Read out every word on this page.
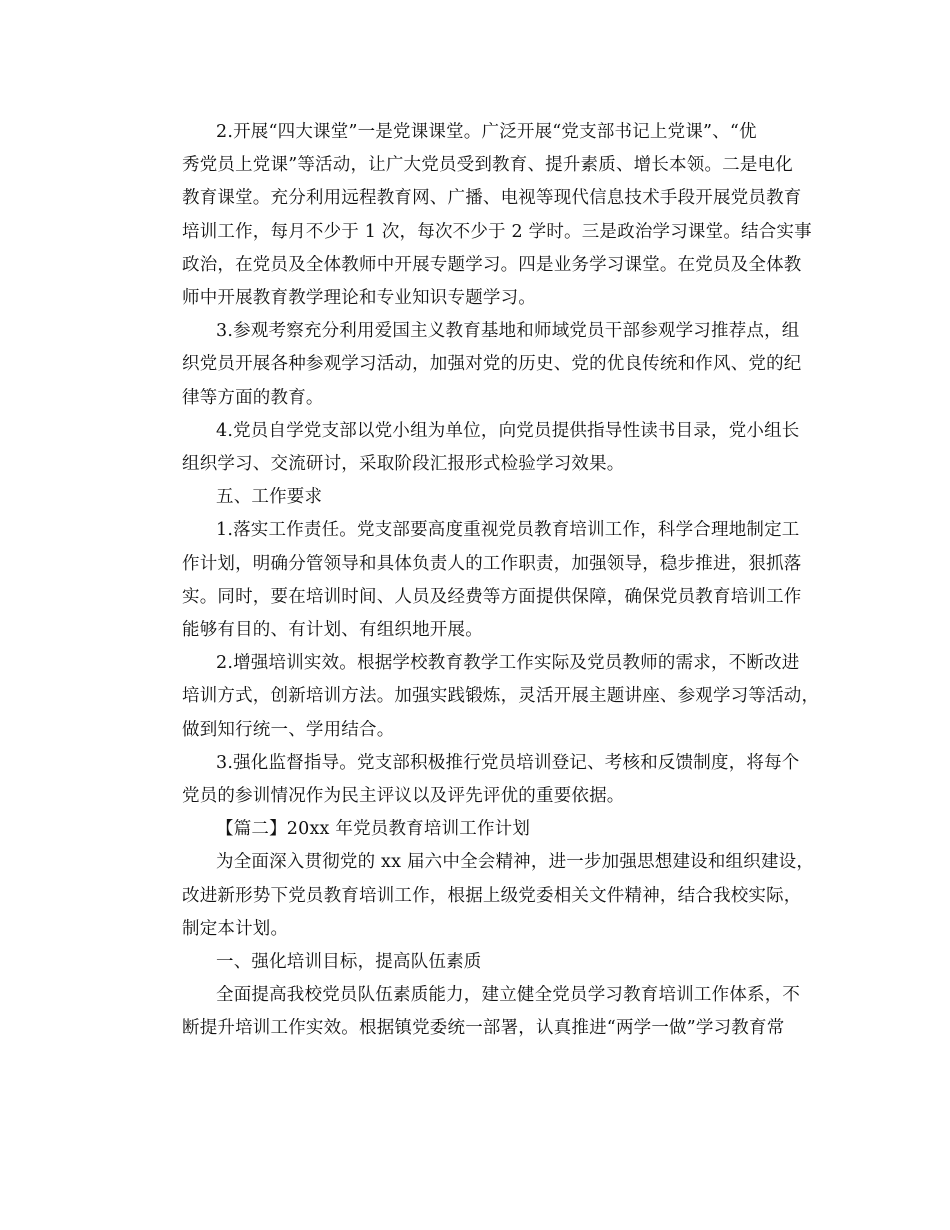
2.开展“四大课堂”一是党课课堂。广泛开展“党支部书记上党课”、“优
秀党员上党课”等活动，让广大党员受到教育、提升素质、增长本领。二是电化
教育课堂。充分利用远程教育网、广播、电视等现代信息技术手段开展党员教育
培训工作，每月不少于 1 次，每次不少于 2 学时。三是政治学习课堂。结合实事
政治，在党员及全体教师中开展专题学习。四是业务学习课堂。在党员及全体教
师中开展教育教学理论和专业知识专题学习。

3.参观考察充分利用爱国主义教育基地和师域党员干部参观学习推荐点，组
织党员开展各种参观学习活动，加强对党的历史、党的优良传统和作风、党的纪
律等方面的教育。

4.党员自学党支部以党小组为单位，向党员提供指导性读书目录，党小组长
组织学习、交流研讨，采取阶段汇报形式检验学习效果。

五、工作要求

1.落实工作责任。党支部要高度重视党员教育培训工作，科学合理地制定工
作计划，明确分管领导和具体负责人的工作职责，加强领导，稳步推进，狠抓落
实。同时，要在培训时间、人员及经费等方面提供保障，确保党员教育培训工作
能够有目的、有计划、有组织地开展。

2.增强培训实效。根据学校教育教学工作实际及党员教师的需求，不断改进
培训方式，创新培训方法。加强实践锻炼，灵活开展主题讲座、参观学习等活动，
做到知行统一、学用结合。

3.强化监督指导。党支部积极推行党员培训登记、考核和反馈制度，将每个
党员的参训情况作为民主评议以及评先评优的重要依据。

【篇二】20xx 年党员教育培训工作计划

为全面深入贯彻党的 xx 届六中全会精神，进一步加强思想建设和组织建设，
改进新形势下党员教育培训工作，根据上级党委相关文件精神，结合我校实际，
制定本计划。

一、强化培训目标，提高队伍素质

全面提高我校党员队伍素质能力，建立健全党员学习教育培训工作体系，不
断提升培训工作实效。根据镇党委统一部署，认真推进“两学一做”学习教育常
